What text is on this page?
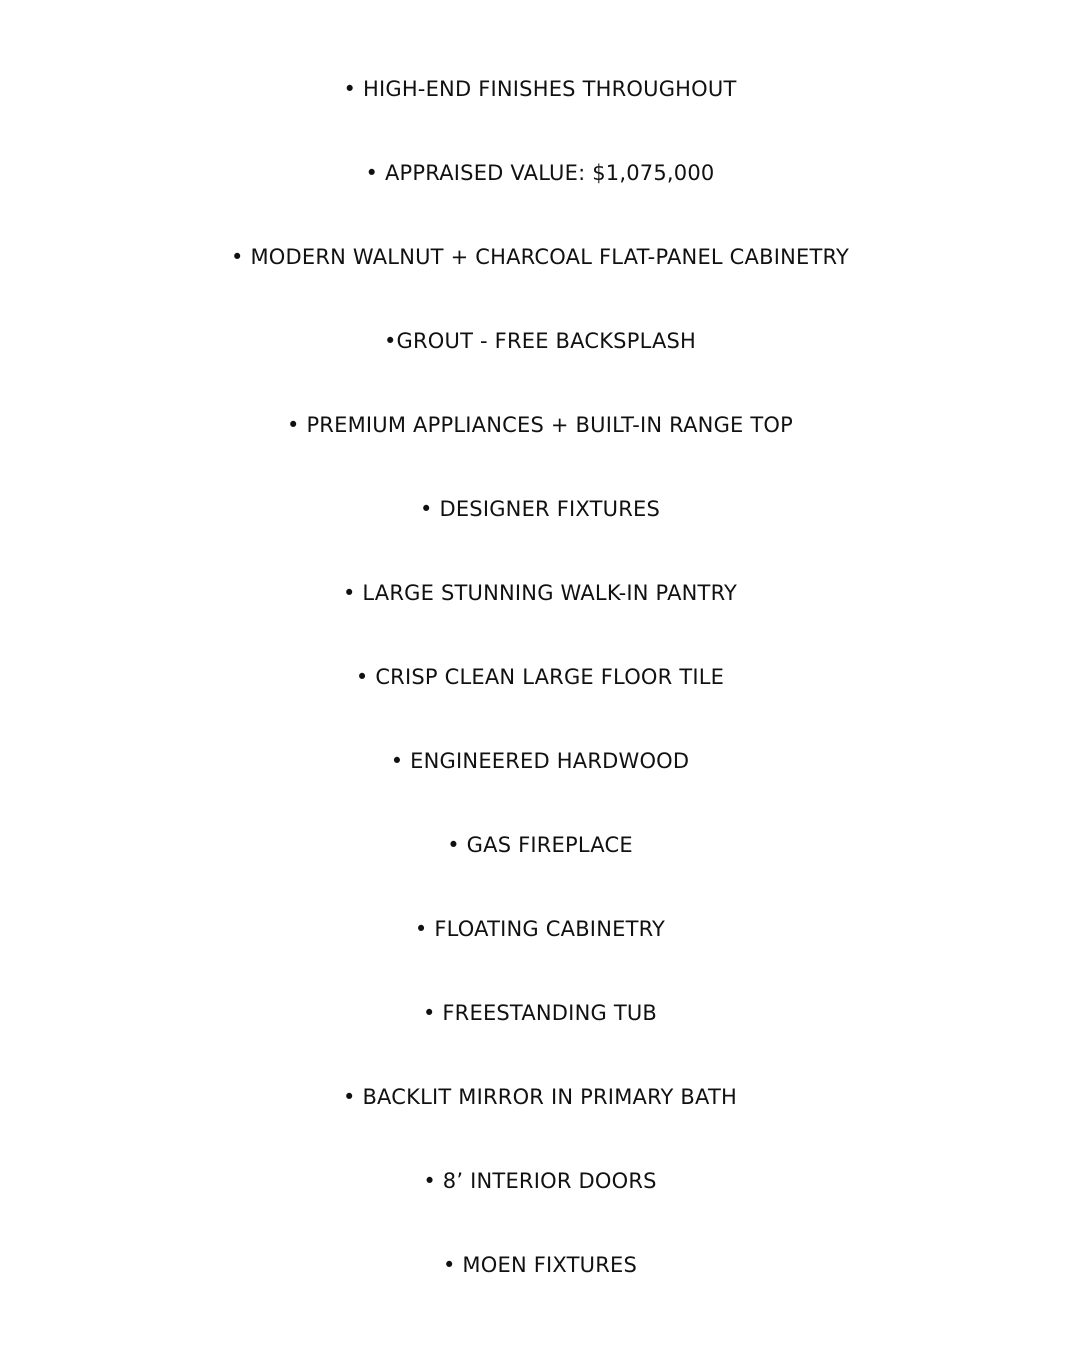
• HIGH-END FINISHES THROUGHOUT
• APPRAISED VALUE: $1,075,000
• MODERN WALNUT + CHARCOAL FLAT-PANEL CABINETRY
•GROUT - FREE BACKSPLASH
• PREMIUM APPLIANCES + BUILT-IN RANGE TOP
• DESIGNER FIXTURES
• LARGE STUNNING WALK-IN PANTRY
• CRISP CLEAN LARGE FLOOR TILE
• ENGINEERED HARDWOOD
• GAS FIREPLACE
• FLOATING CABINETRY
• FREESTANDING TUB
• BACKLIT MIRROR IN PRIMARY BATH
• 8’ INTERIOR DOORS
• MOEN FIXTURES
